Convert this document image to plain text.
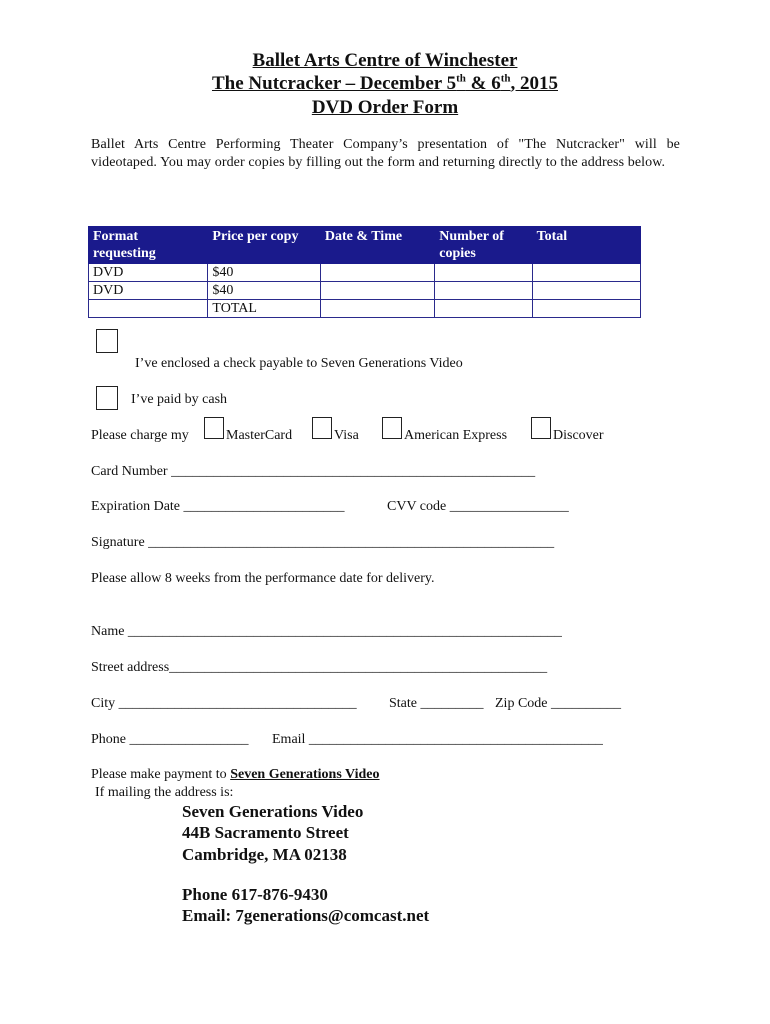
Ballet Arts Centre of Winchester
The Nutcracker – December 5th & 6th, 2015
DVD Order Form
Ballet Arts Centre Performing Theater Company’s presentation of "The Nutcracker" will be videotaped. You may order copies by filling out the form and returning directly to the address below.
Format requesting	Price per copy	Date & Time	Number of copies	Total
DVD	$40			
DVD	$40			
	TOTAL			
I’ve enclosed a check payable to Seven Generations Video
I’ve paid by cash
Please charge my	MasterCard	Visa	American Express	Discover
Card Number ____________________________________________________
Expiration Date _______________________	CVV code _________________
Signature __________________________________________________________
Please allow 8 weeks from the performance date for delivery.
Name ______________________________________________________________
Street address______________________________________________________
City __________________________________ State _________ Zip Code __________
Phone _________________ Email __________________________________________
Please make payment to Seven Generations Video
If mailing the address is:
Seven Generations Video
44B Sacramento Street
Cambridge, MA 02138
Phone 617-876-9430
Email: 7generations@comcast.net
